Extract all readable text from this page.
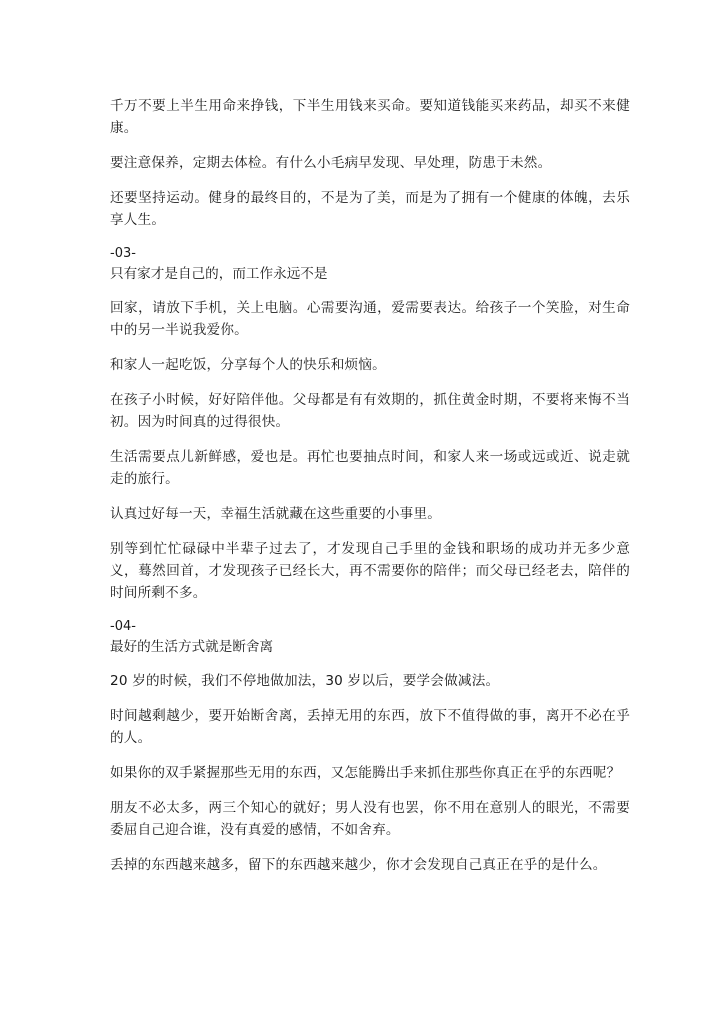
千万不要上半生用命来挣钱，下半生用钱来买命。要知道钱能买来药品，却买不来健康。

要注意保养，定期去体检。有什么小毛病早发现、早处理，防患于未然。

还要坚持运动。健身的最终目的，不是为了美，而是为了拥有一个健康的体魄，去乐享人生。

-03-

只有家才是自己的，而工作永远不是

回家，请放下手机，关上电脑。心需要沟通，爱需要表达。给孩子一个笑脸，对生命中的另一半说我爱你。

和家人一起吃饭，分享每个人的快乐和烦恼。

在孩子小时候，好好陪伴他。父母都是有有效期的，抓住黄金时期，不要将来悔不当初。因为时间真的过得很快。

生活需要点儿新鲜感，爱也是。再忙也要抽点时间，和家人来一场或远或近、说走就走的旅行。

认真过好每一天，幸福生活就藏在这些重要的小事里。

别等到忙忙碌碌中半辈子过去了，才发现自己手里的金钱和职场的成功并无多少意义，蓦然回首，才发现孩子已经长大，再不需要你的陪伴；而父母已经老去，陪伴的时间所剩不多。

-04-

最好的生活方式就是断舍离

20 岁的时候，我们不停地做加法，30 岁以后，要学会做减法。

时间越剩越少，要开始断舍离，丢掉无用的东西，放下不值得做的事，离开不必在乎的人。

如果你的双手紧握那些无用的东西，又怎能腾出手来抓住那些你真正在乎的东西呢？

朋友不必太多，两三个知心的就好；男人没有也罢，你不用在意别人的眼光，不需要委屈自己迎合谁，没有真爱的感情，不如舍弃。

丢掉的东西越来越多，留下的东西越来越少，你才会发现自己真正在乎的是什么。
